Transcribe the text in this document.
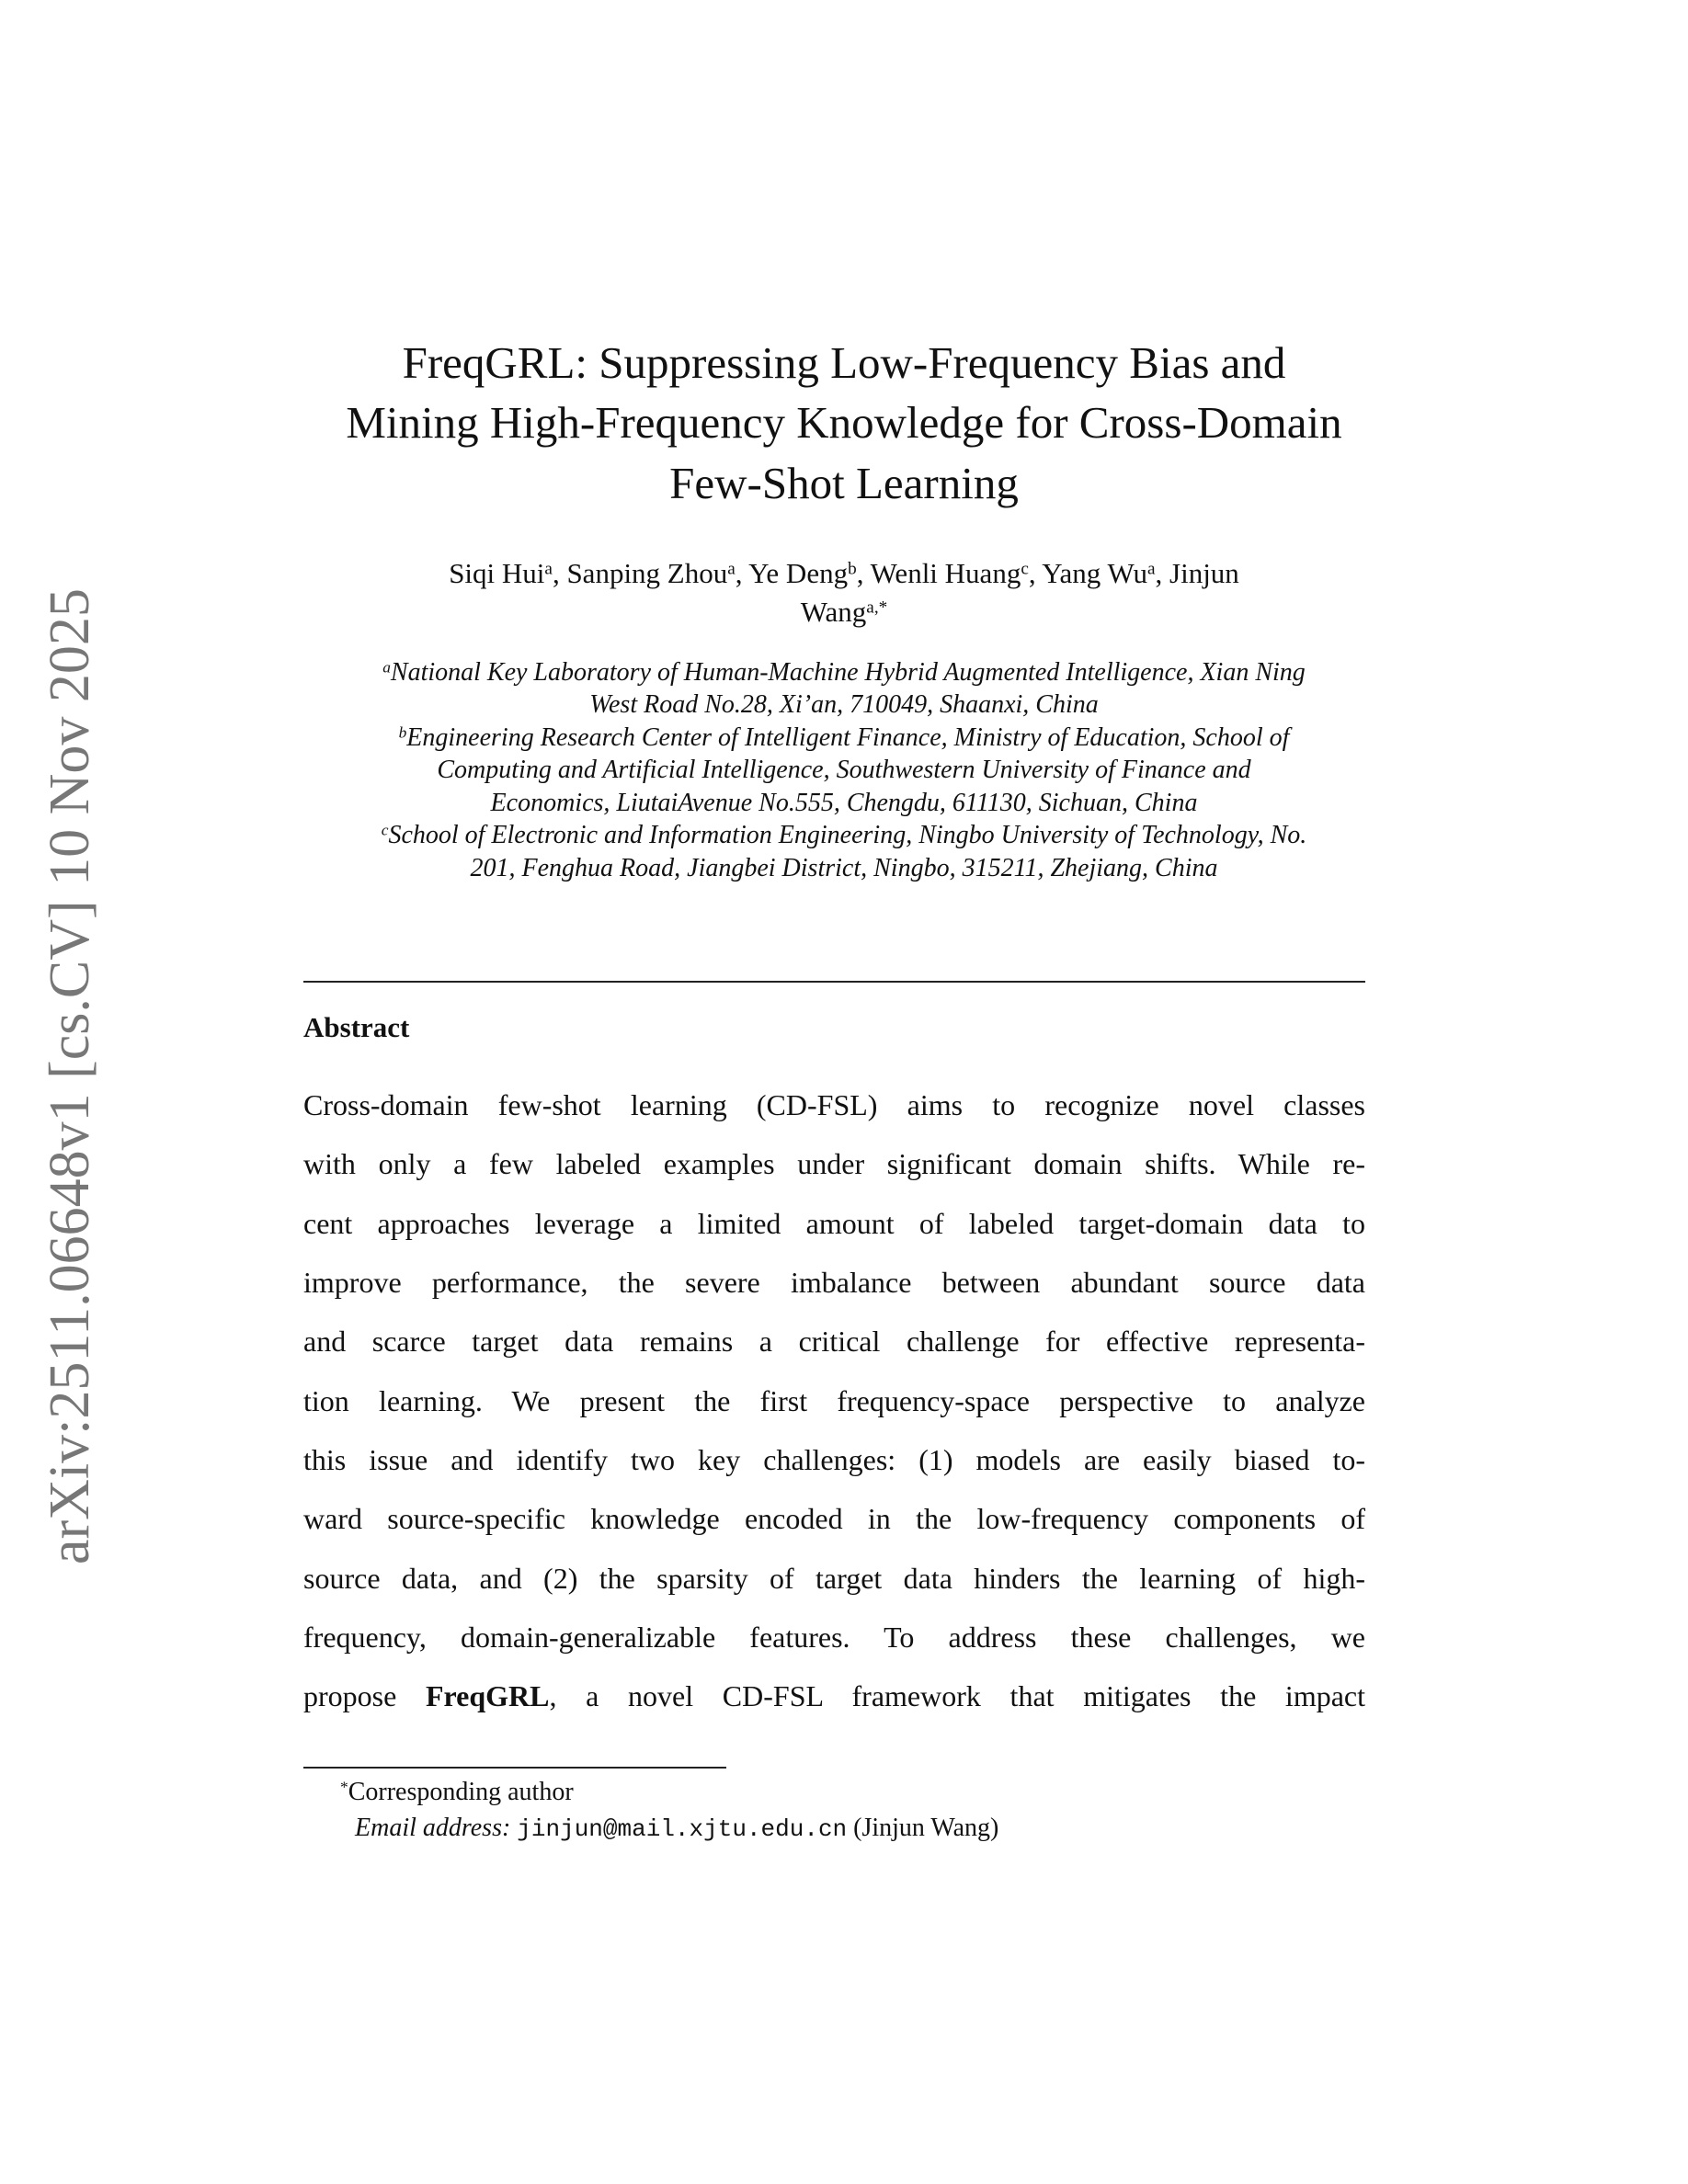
arXiv:2511.06648v1 [cs.CV] 10 Nov 2025
FreqGRL: Suppressing Low-Frequency Bias and
Mining High-Frequency Knowledge for Cross-Domain
Few-Shot Learning
Siqi Hui$^a$, Sanping Zhou$^a$, Ye Deng$^b$, Wenli Huang$^c$, Yang Wu$^a$, Jinjun
Wang$^{a,*}$
$^a$National Key Laboratory of Human-Machine Hybrid Augmented Intelligence, Xian Ning
West Road No.28, Xi’an, 710049, Shaanxi, China
$^b$Engineering Research Center of Intelligent Finance, Ministry of Education, School of
Computing and Artificial Intelligence, Southwestern University of Finance and
Economics, LiutaiAvenue No.555, Chengdu, 611130, Sichuan, China
$^c$School of Electronic and Information Engineering, Ningbo University of Technology, No.
201, Fenghua Road, Jiangbei District, Ningbo, 315211, Zhejiang, China
Abstract
Cross-domain few-shot learning (CD-FSL) aims to recognize novel classes
with only a few labeled examples under significant domain shifts. While re-
cent approaches leverage a limited amount of labeled target-domain data to
improve performance, the severe imbalance between abundant source data
and scarce target data remains a critical challenge for effective representa-
tion learning. We present the first frequency-space perspective to analyze
this issue and identify two key challenges: (1) models are easily biased to-
ward source-specific knowledge encoded in the low-frequency components of
source data, and (2) the sparsity of target data hinders the learning of high-
frequency, domain-generalizable features. To address these challenges, we
propose FreqGRL, a novel CD-FSL framework that mitigates the impact
*Corresponding author
Email address: jinjun@mail.xjtu.edu.cn (Jinjun Wang)
